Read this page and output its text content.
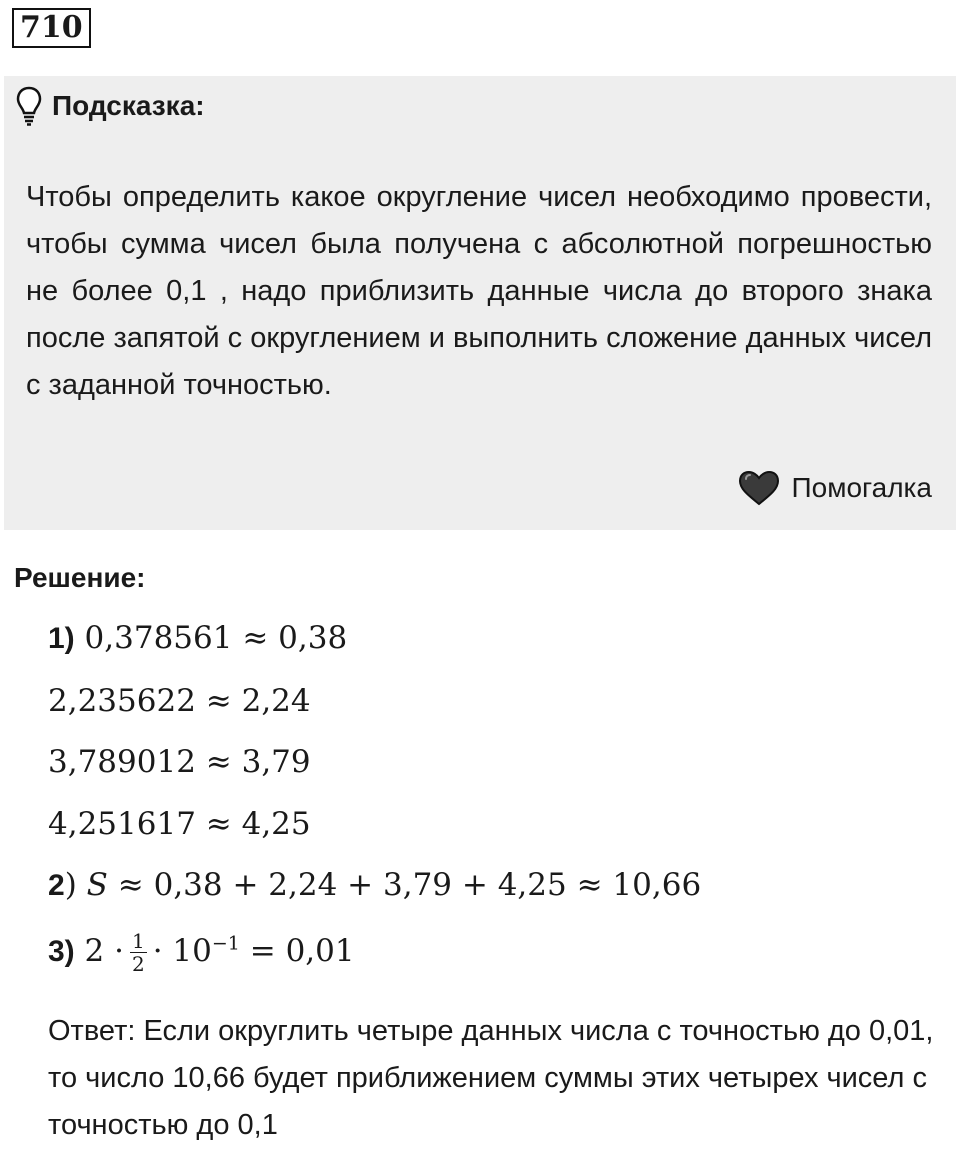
710
Подсказка:
Чтобы определить какое округление чисел необходимо провести, чтобы сумма чисел была получена с абсолютной погрешностью не более 0,1 , надо приблизить данные числа до второго знака после запятой с округлением и выполнить сложение данных чисел с заданной точностью.
Помогалка
Решение:
1) 0,378561 ≈ 0,38
2,235622 ≈ 2,24
3,789012 ≈ 3,79
4,251617 ≈ 4,25
2) S ≈ 0,38 + 2,24 + 3,79 + 4,25 ≈ 10,66
3) $2 \cdot \frac{1}{2} \cdot 10^{-1} = 0,01$
Ответ: Если округлить четыре данных числа с точностью до 0,01, то число 10,66 будет приближением суммы этих четырех чисел с точностью до 0,1
